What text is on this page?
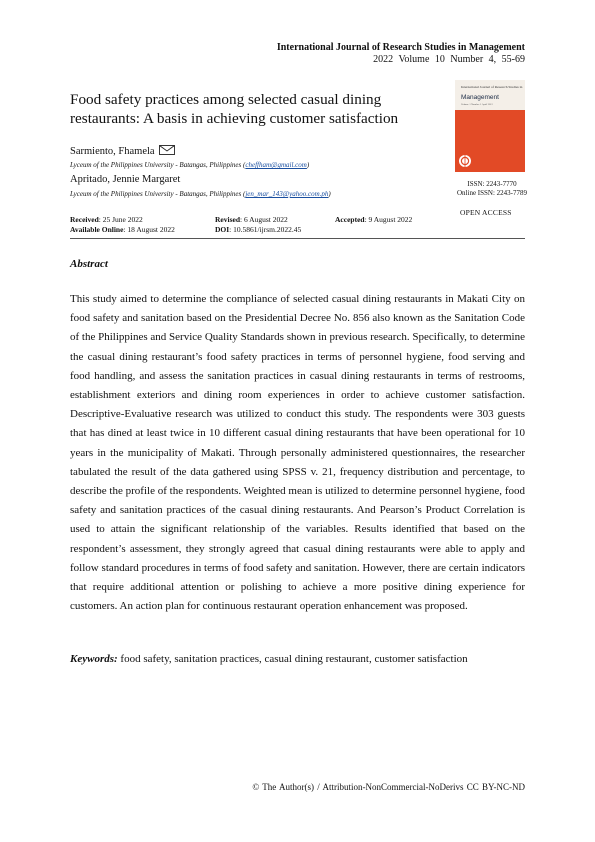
International Journal of Research Studies in Management
2022 Volume 10 Number 4, 55-69
Food safety practices among selected casual dining restaurants: A basis in achieving customer satisfaction
Sarmiento, Fhamela
Lyceum of the Philippines University - Batangas, Philippines (cheffham@gmail.com)
Apritado, Jennie Margaret
Lyceum of the Philippines University - Batangas, Philippines (jen_mar_143@yahoo.com.ph)
International Journal of Research Studies in
Management
Volume 1 Number 1 April 2012
ISSN: 2243-7770
Online ISSN: 2243-7789
OPEN ACCESS
Received: 25 June 2022	Revised: 6 August 2022	Accepted: 9 August 2022
Available Online: 18 August 2022	DOI: 10.5861/ijrsm.2022.45
Abstract
This study aimed to determine the compliance of selected casual dining restaurants in Makati City on food safety and sanitation based on the Presidential Decree No. 856 also known as the Sanitation Code of the Philippines and Service Quality Standards shown in previous research. Specifically, to determine the casual dining restaurant’s food safety practices in terms of personnel hygiene, food serving and food handling, and assess the sanitation practices in casual dining restaurants in terms of restrooms, establishment exteriors and dining room experiences in order to achieve customer satisfaction. Descriptive-Evaluative research was utilized to conduct this study. The respondents were 303 guests that has dined at least twice in 10 different casual dining restaurants that have been operational for 10 years in the municipality of Makati. Through personally administered questionnaires, the researcher tabulated the result of the data gathered using SPSS v. 21, frequency distribution and percentage, to describe the profile of the respondents. Weighted mean is utilized to determine personnel hygiene, food safety and sanitation practices of the casual dining restaurants. And Pearson’s Product Correlation is used to attain the significant relationship of the variables. Results identified that based on the respondent’s assessment, they strongly agreed that casual dining restaurants were able to apply and follow standard procedures in terms of food safety and sanitation. However, there are certain indicators that require additional attention or polishing to achieve a more positive dining experience for customers. An action plan for continuous restaurant operation enhancement was proposed.
Keywords: food safety, sanitation practices, casual dining restaurant, customer satisfaction
© The Author(s) / Attribution-NonCommercial-NoDerivs CC BY-NC-ND
